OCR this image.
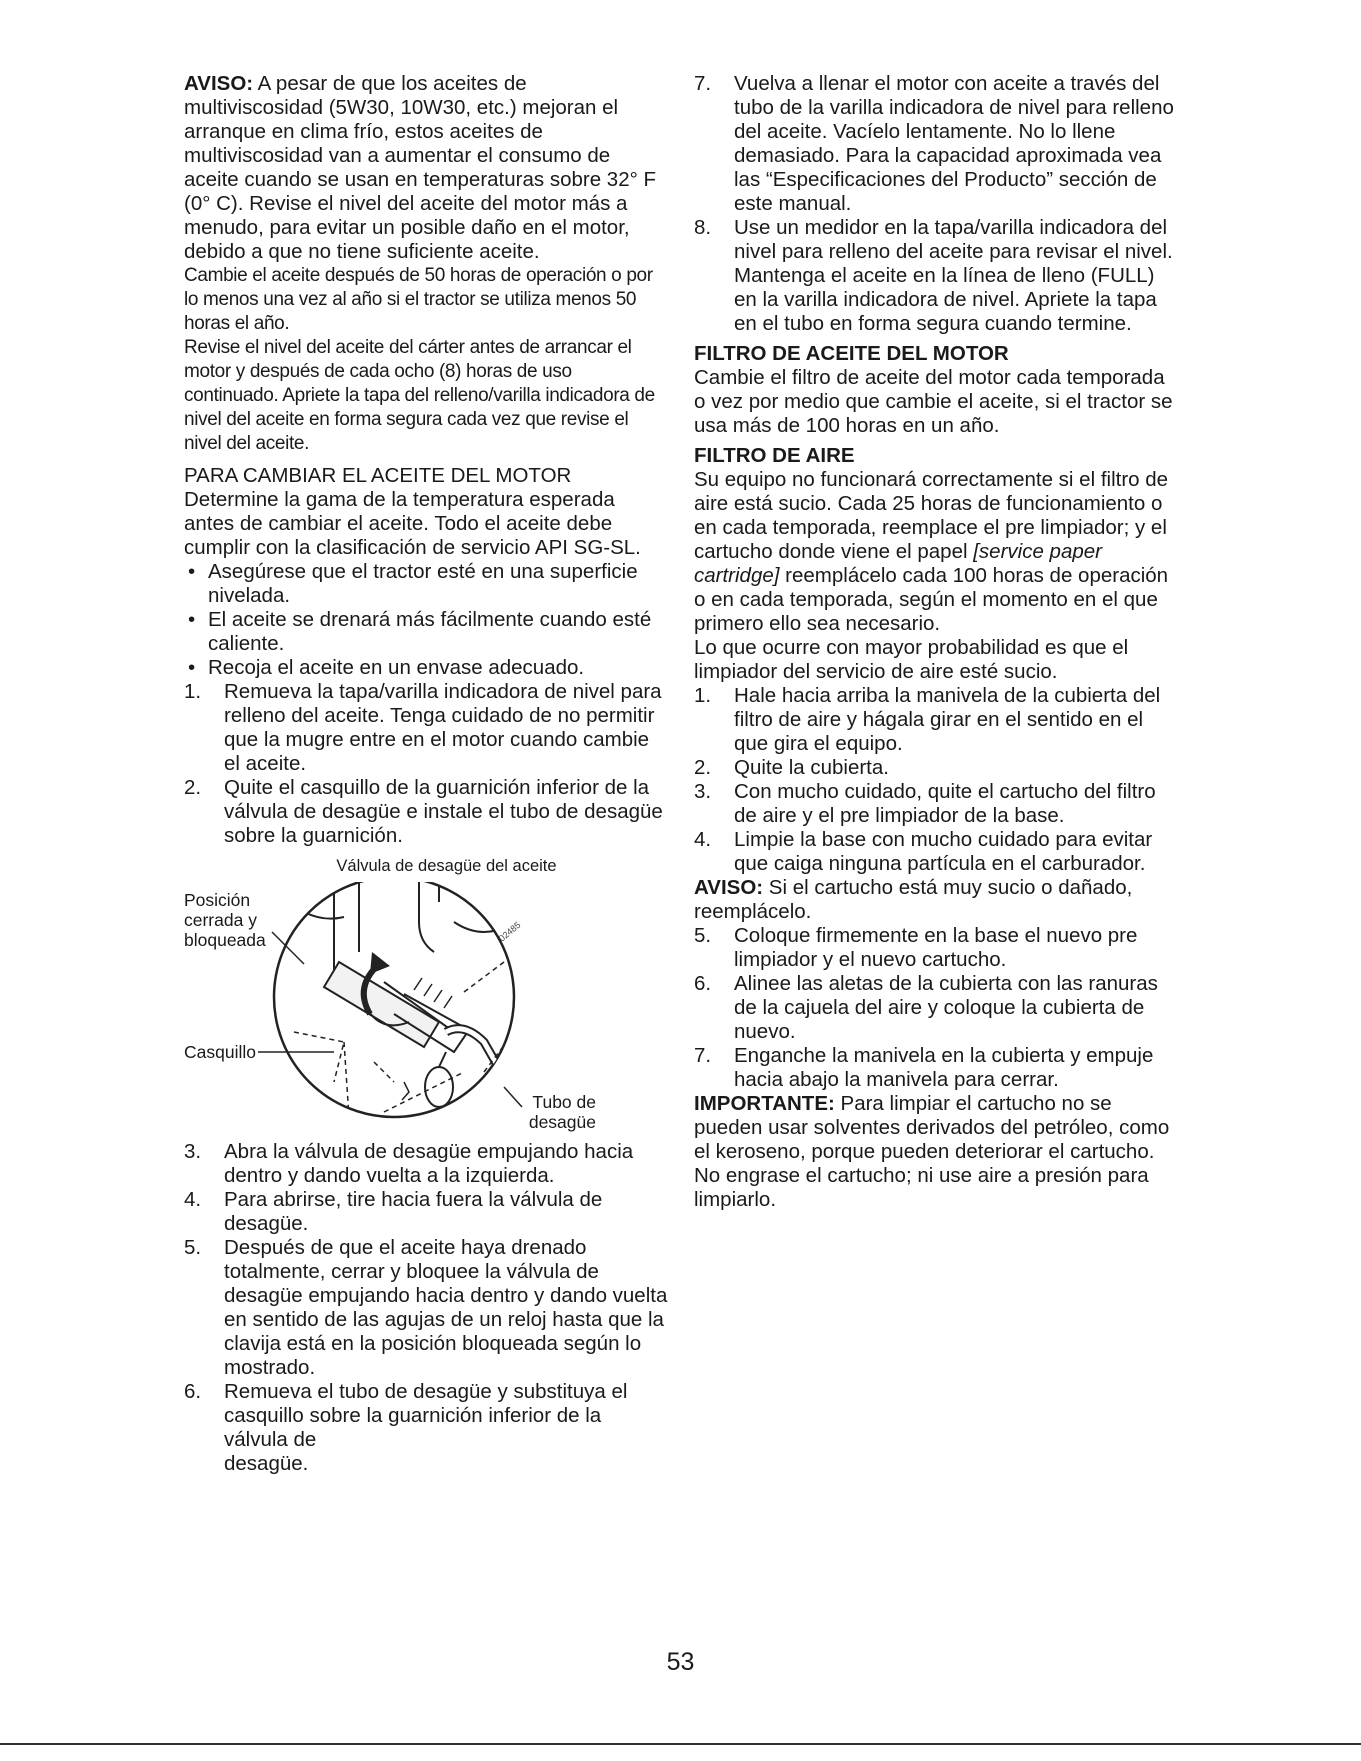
AVISO: A pesar de que los aceites de multiviscosidad (5W30, 10W30, etc.) mejoran el arranque en clima frío, estos aceites de multiviscosidad van a aumentar el consumo de aceite cuando se usan en temperaturas sobre 32° F (0° C). Revise el nivel del aceite del motor más a menudo, para evitar un posible daño en el motor, debido a que no tiene suficiente aceite.

Cambie el aceite después de 50 horas de operación o por lo menos una vez al año si el tractor se utiliza menos 50 horas el año.

Revise el nivel del aceite del cárter antes de arrancar el motor y después de cada ocho (8) horas de uso continuado. Apriete la tapa del relleno/varilla indicadora de nivel del aceite en forma segura cada vez que revise el nivel del aceite.

PARA CAMBIAR EL ACEITE DEL MOTOR

Determine la gama de la temperatura esperada antes de cambiar el aceite. Todo el aceite debe cumplir con la clasificación de servicio API SG-SL.

• Asegúrese que el tractor esté en una superficie nivelada.
• El aceite se drenará más fácilmente cuando esté caliente.
• Recoja el aceite en un envase adecuado.
1.	Remueva la tapa/varilla indicadora de nivel para relleno del aceite. Tenga cuidado de no permitir que la mugre entre en el motor cuando cambie el aceite.
2.	Quite el casquillo de la guarnición inferior de la válvula de desagüe e instale el tubo de desagüe sobre la guarnición.

Válvula de desagüe del aceite

02485
Posición
cerrada y
bloqueada
Casquillo
Tubo de
desagüe
3.	Abra la válvula de desagüe empujando hacia dentro y dando vuelta a la izquierda.
4.	Para abrirse, tire hacia fuera la válvula de desagüe.
5.	Después de que el aceite haya drenado totalmente, cerrar y bloquee la válvula de desagüe empujando hacia dentro y dando vuelta en sentido de las agujas de un reloj hasta que la clavija está en la posición bloqueada según lo mostrado.
6.	Remueva el tubo de desagüe y substituya el casquillo sobre la guarnición inferior de la válvula de
desagüe.
7.	Vuelva a llenar el motor con aceite a través del tubo de la varilla indicadora de nivel para relleno del aceite. Vacíelo lentamente. No lo llene demasiado. Para la capacidad aproximada vea las “Especificaciones del Producto” sección de este manual.
8.	Use un medidor en la tapa/varilla indicadora del nivel para relleno del aceite para revisar el nivel. Mantenga el aceite en la línea de lleno (FULL) en la varilla indicadora de nivel. Apriete la tapa en el tubo en forma segura cuando termine.

FILTRO DE ACEITE DEL MOTOR

Cambie el filtro de aceite del motor cada temporada o vez por medio que cambie el aceite, si el tractor se usa más de 100 horas en un año.

FILTRO DE AIRE

Su equipo no funcionará correctamente si el filtro de aire está sucio. Cada 25 horas de funcionamiento o en cada temporada, reemplace el pre limpiador; y el cartucho donde viene el papel [service paper cartridge] reemplácelo cada 100 horas de operación o en cada temporada, según el momento en el que primero ello sea necesario.

Lo que ocurre con mayor probabilidad es que el limpiador del servicio de aire esté sucio.

1.	Hale hacia arriba la manivela de la cubierta del filtro de aire y hágala girar en el sentido en el que gira el equipo.
2.	Quite la cubierta.
3.	Con mucho cuidado, quite el cartucho del filtro de aire y el pre limpiador de la base.
4.	Limpie la base con mucho cuidado para evitar que caiga ninguna partícula en el carburador.

AVISO: Si el cartucho está muy sucio o dañado, reemplácelo.

5.	Coloque firmemente en la base el nuevo pre limpiador y el nuevo cartucho.
6.	Alinee las aletas de la cubierta con las ranuras de la cajuela del aire y coloque la cubierta de nuevo.
7.	Enganche la manivela en la cubierta y empuje hacia abajo la manivela para cerrar.

IMPORTANTE: Para limpiar el cartucho no se pueden usar solventes derivados del petróleo, como el keroseno, porque pueden deteriorar el cartucho. No engrase el cartucho; ni use aire a presión para limpiarlo.

53
